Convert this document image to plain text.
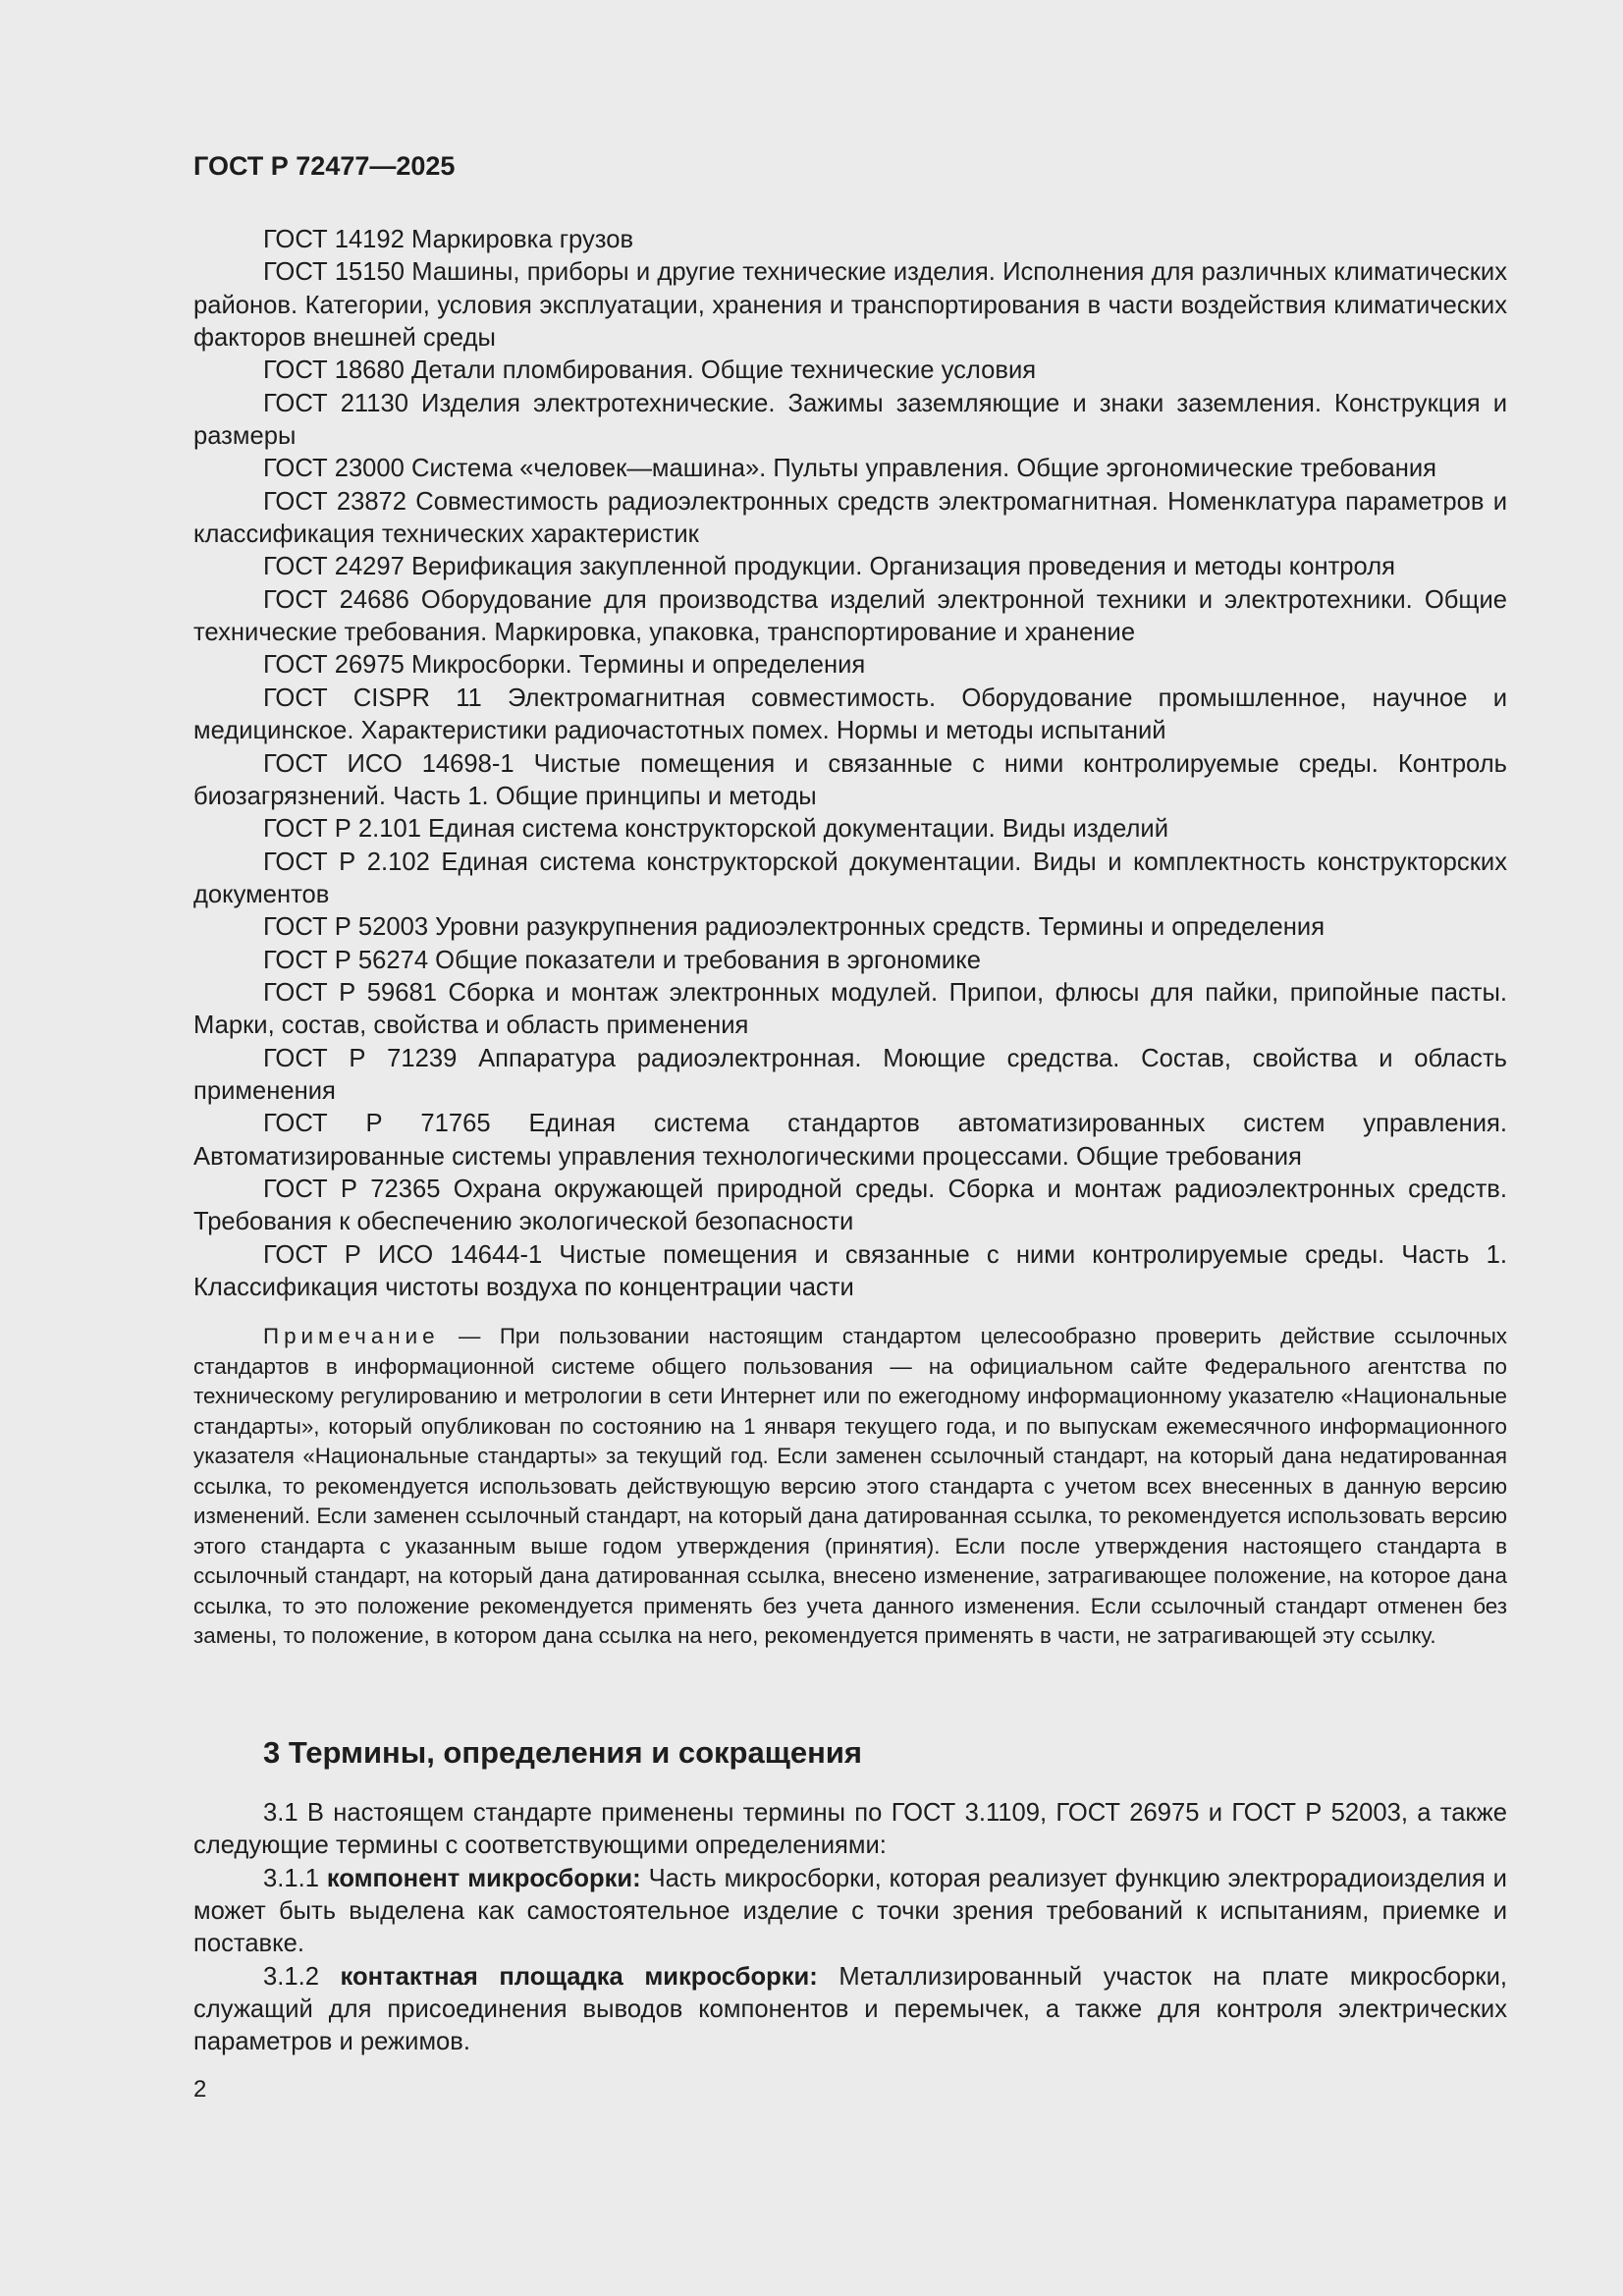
ГОСТ Р 72477—2025

ГОСТ 14192 Маркировка грузов

ГОСТ 15150 Машины, приборы и другие технические изделия. Исполнения для различных климатических районов. Категории, условия эксплуатации, хранения и транспортирования в части воздействия климатических факторов внешней среды

ГОСТ 18680 Детали пломбирования. Общие технические условия

ГОСТ 21130 Изделия электротехнические. Зажимы заземляющие и знаки заземления. Конструкция и размеры

ГОСТ 23000 Система «человек—машина». Пульты управления. Общие эргономические требования

ГОСТ 23872 Совместимость радиоэлектронных средств электромагнитная. Номенклатура параметров и классификация технических характеристик

ГОСТ 24297 Верификация закупленной продукции. Организация проведения и методы контроля

ГОСТ 24686 Оборудование для производства изделий электронной техники и электротехники. Общие технические требования. Маркировка, упаковка, транспортирование и хранение

ГОСТ 26975 Микросборки. Термины и определения

ГОСТ CISPR 11 Электромагнитная совместимость. Оборудование промышленное, научное и медицинское. Характеристики радиочастотных помех. Нормы и методы испытаний

ГОСТ ИСО 14698-1 Чистые помещения и связанные с ними контролируемые среды. Контроль биозагрязнений. Часть 1. Общие принципы и методы

ГОСТ Р 2.101 Единая система конструкторской документации. Виды изделий

ГОСТ Р 2.102 Единая система конструкторской документации. Виды и комплектность конструкторских документов

ГОСТ Р 52003 Уровни разукрупнения радиоэлектронных средств. Термины и определения

ГОСТ Р 56274 Общие показатели и требования в эргономике

ГОСТ Р 59681 Сборка и монтаж электронных модулей. Припои, флюсы для пайки, припойные пасты. Марки, состав, свойства и область применения

ГОСТ Р 71239 Аппаратура радиоэлектронная. Моющие средства. Состав, свойства и область применения

ГОСТ Р 71765 Единая система стандартов автоматизированных систем управления. Автоматизированные системы управления технологическими процессами. Общие требования

ГОСТ Р 72365 Охрана окружающей природной среды. Сборка и монтаж радиоэлектронных средств. Требования к обеспечению экологической безопасности

ГОСТ Р ИСО 14644-1 Чистые помещения и связанные с ними контролируемые среды. Часть 1. Классификация чистоты воздуха по концентрации части

Примечание — При пользовании настоящим стандартом целесообразно проверить действие ссылочных стандартов в информационной системе общего пользования — на официальном сайте Федерального агентства по техническому регулированию и метрологии в сети Интернет или по ежегодному информационному указателю «Национальные стандарты», который опубликован по состоянию на 1 января текущего года, и по выпускам ежемесячного информационного указателя «Национальные стандарты» за текущий год. Если заменен ссылочный стандарт, на который дана недатированная ссылка, то рекомендуется использовать действующую версию этого стандарта с учетом всех внесенных в данную версию изменений. Если заменен ссылочный стандарт, на который дана датированная ссылка, то рекомендуется использовать версию этого стандарта с указанным выше годом утверждения (принятия). Если после утверждения настоящего стандарта в ссылочный стандарт, на который дана датированная ссылка, внесено изменение, затрагивающее положение, на которое дана ссылка, то это положение рекомендуется применять без учета данного изменения. Если ссылочный стандарт отменен без замены, то положение, в котором дана ссылка на него, рекомендуется применять в части, не затрагивающей эту ссылку.

3 Термины, определения и сокращения

3.1 В настоящем стандарте применены термины по ГОСТ 3.1109, ГОСТ 26975 и ГОСТ Р 52003, а также следующие термины с соответствующими определениями:

3.1.1 компонент микросборки: Часть микросборки, которая реализует функцию электрорадиоизделия и может быть выделена как самостоятельное изделие с точки зрения требований к испытаниям, приемке и поставке.

3.1.2 контактная площадка микросборки: Металлизированный участок на плате микросборки, служащий для присоединения выводов компонентов и перемычек, а также для контроля электрических параметров и режимов.

2
